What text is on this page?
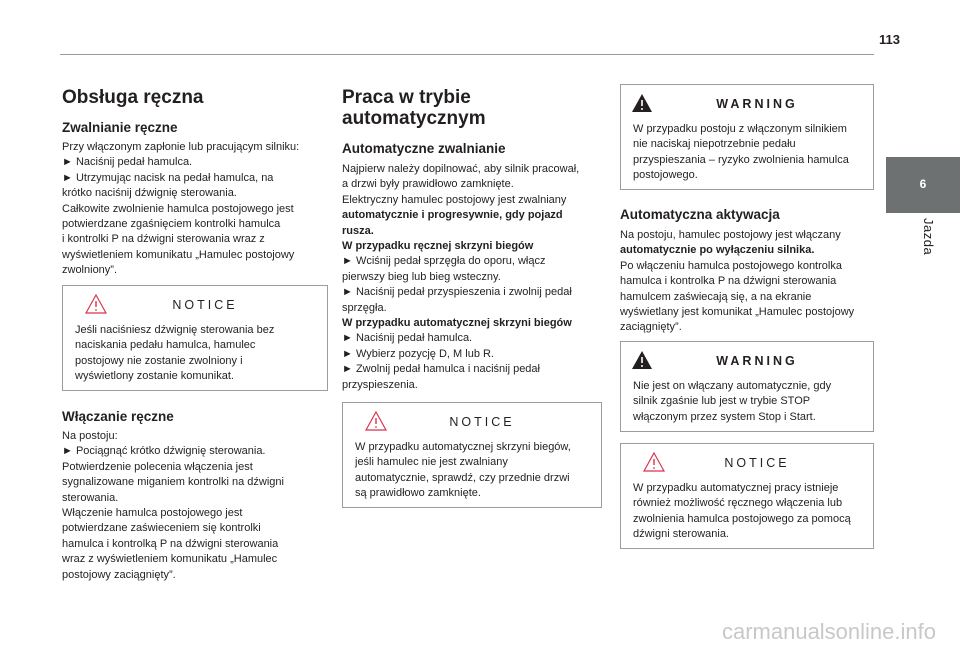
113
6
Jazda
Obsługa ręczna
Zwalnianie ręczne
Przy włączonym zapłonie lub pracującym silniku:
► Naciśnij pedał hamulca.
► Utrzymując nacisk na pedał hamulca, na
krótko naciśnij dźwignię sterowania.
Całkowite zwolnienie hamulca postojowego jest
potwierdzane zgaśnięciem kontrolki hamulca
i kontrolki P na dźwigni sterowania wraz z
wyświetleniem komunikatu „Hamulec postojowy
zwolniony”.
NOTICE
Jeśli naciśniesz dźwignię sterowania bez
naciskania pedału hamulca, hamulec
postojowy nie zostanie zwolniony i
wyświetlony zostanie komunikat.
Włączanie ręczne
Na postoju:
► Pociągnąć krótko dźwignię sterowania.
Potwierdzenie polecenia włączenia jest
sygnalizowane miganiem kontrolki na dźwigni
sterowania.
Włączenie hamulca postojowego jest
potwierdzane zaświeceniem się kontrolki
hamulca i kontrolką P na dźwigni sterowania
wraz z wyświetleniem komunikatu „Hamulec
postojowy zaciągnięty”.
Praca w trybie
automatycznym
Automatyczne zwalnianie
Najpierw należy dopilnować, aby silnik pracował,
a drzwi były prawidłowo zamknięte.
Elektryczny hamulec postojowy jest zwalniany
automatycznie i progresywnie, gdy pojazd
rusza.
W przypadku ręcznej skrzyni biegów
► Wciśnij pedał sprzęgła do oporu, włącz
pierwszy bieg lub bieg wsteczny.
► Naciśnij pedał przyspieszenia i zwolnij pedał
sprzęgła.
W przypadku automatycznej skrzyni biegów
► Naciśnij pedał hamulca.
► Wybierz pozycję D, M lub R.
► Zwolnij pedał hamulca i naciśnij pedał
przyspieszenia.
NOTICE
W przypadku automatycznej skrzyni biegów,
jeśli hamulec nie jest zwalniany
automatycznie, sprawdź, czy przednie drzwi
są prawidłowo zamknięte.
WARNING
W przypadku postoju z włączonym silnikiem
nie naciskaj niepotrzebnie pedału
przyspieszania – ryzyko zwolnienia hamulca
postojowego.
Automatyczna aktywacja
Na postoju, hamulec postojowy jest włączany
automatycznie po wyłączeniu silnika.
Po włączeniu hamulca postojowego kontrolka
hamulca i kontrolka P na dźwigni sterowania
hamulcem zaświecają się, a na ekranie
wyświetlany jest komunikat „Hamulec postojowy
zaciągnięty”.
WARNING
Nie jest on włączany automatycznie, gdy
silnik zgaśnie lub jest w trybie STOP
włączonym przez system Stop i Start.
NOTICE
W przypadku automatycznej pracy istnieje
również możliwość ręcznego włączenia lub
zwolnienia hamulca postojowego za pomocą
dźwigni sterowania.
carmanualsonline.info
